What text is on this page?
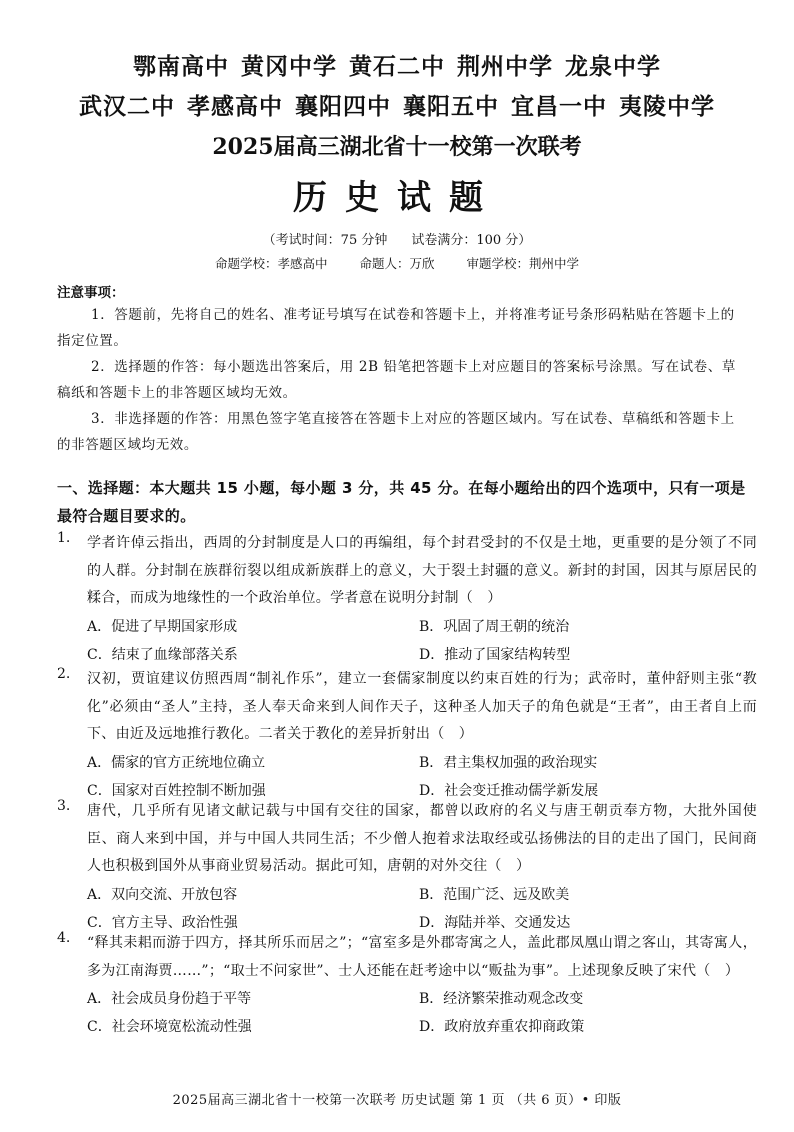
鄂南高中 黄冈中学 黄石二中 荆州中学 龙泉中学
武汉二中 孝感高中 襄阳四中 襄阳五中 宜昌一中 夷陵中学
2025届高三湖北省十一校第一次联考
历史试题
（考试时间：75 分钟 试卷满分：100 分）
命题学校：孝感高中	命题人：万欣	审题学校：荆州中学
注意事项：
1．答题前，先将自己的姓名、准考证号填写在试卷和答题卡上，并将准考证号条形码粘贴在答题卡上的指定位置。
2．选择题的作答：每小题选出答案后，用 2B 铅笔把答题卡上对应题目的答案标号涂黑。写在试卷、草稿纸和答题卡上的非答题区域均无效。
3．非选择题的作答：用黑色签字笔直接答在答题卡上对应的答题区域内。写在试卷、草稿纸和答题卡上的非答题区域均无效。
一、选择题：本大题共 15 小题，每小题 3 分，共 45 分。在每小题给出的四个选项中，只有一项是最符合题目要求的。
1. 学者许倬云指出，西周的分封制度是人口的再编组，每个封君受封的不仅是土地，更重要的是分领了不同的人群。分封制在族群衍裂以组成新族群上的意义，大于裂土封疆的意义。新封的封国，因其与原居民的糅合，而成为地缘性的一个政治单位。学者意在说明分封制（　）
A．促进了早期国家形成	B．巩固了周王朝的统治
C．结束了血缘部落关系	D．推动了国家结构转型
2. 汉初，贾谊建议仿照西周“制礼作乐”，建立一套儒家制度以约束百姓的行为；武帝时，董仲舒则主张“教化”必须由“圣人”主持，圣人奉天命来到人间作天子，这种圣人加天子的角色就是“王者”，由王者自上而下、由近及远地推行教化。二者关于教化的差异折射出（　）
A．儒家的官方正统地位确立	B．君主集权加强的政治现实
C．国家对百姓控制不断加强	D．社会变迁推动儒学新发展
3. 唐代，几乎所有见诸文献记载与中国有交往的国家，都曾以政府的名义与唐王朝贡奉方物，大批外国使臣、商人来到中国，并与中国人共同生活；不少僧人抱着求法取经或弘扬佛法的目的走出了国门，民间商人也积极到国外从事商业贸易活动。据此可知，唐朝的对外交往（　）
A．双向交流、开放包容	B．范围广泛、远及欧美
C．官方主导、政治性强	D．海陆并举、交通发达
4. “释其耒耜而游于四方，择其所乐而居之”；“富室多是外郡寄寓之人，盖此郡凤凰山谓之客山，其寄寓人，多为江南海贾……”；“取士不问家世”、士人还能在赶考途中以“贩盐为事”。上述现象反映了宋代（　）
A．社会成员身份趋于平等	B．经济繁荣推动观念改变
C．社会环境宽松流动性强	D．政府放弃重农抑商政策
2025届高三湖北省十一校第一次联考 历史试题 第 1 页 （共 6 页）• 印版
